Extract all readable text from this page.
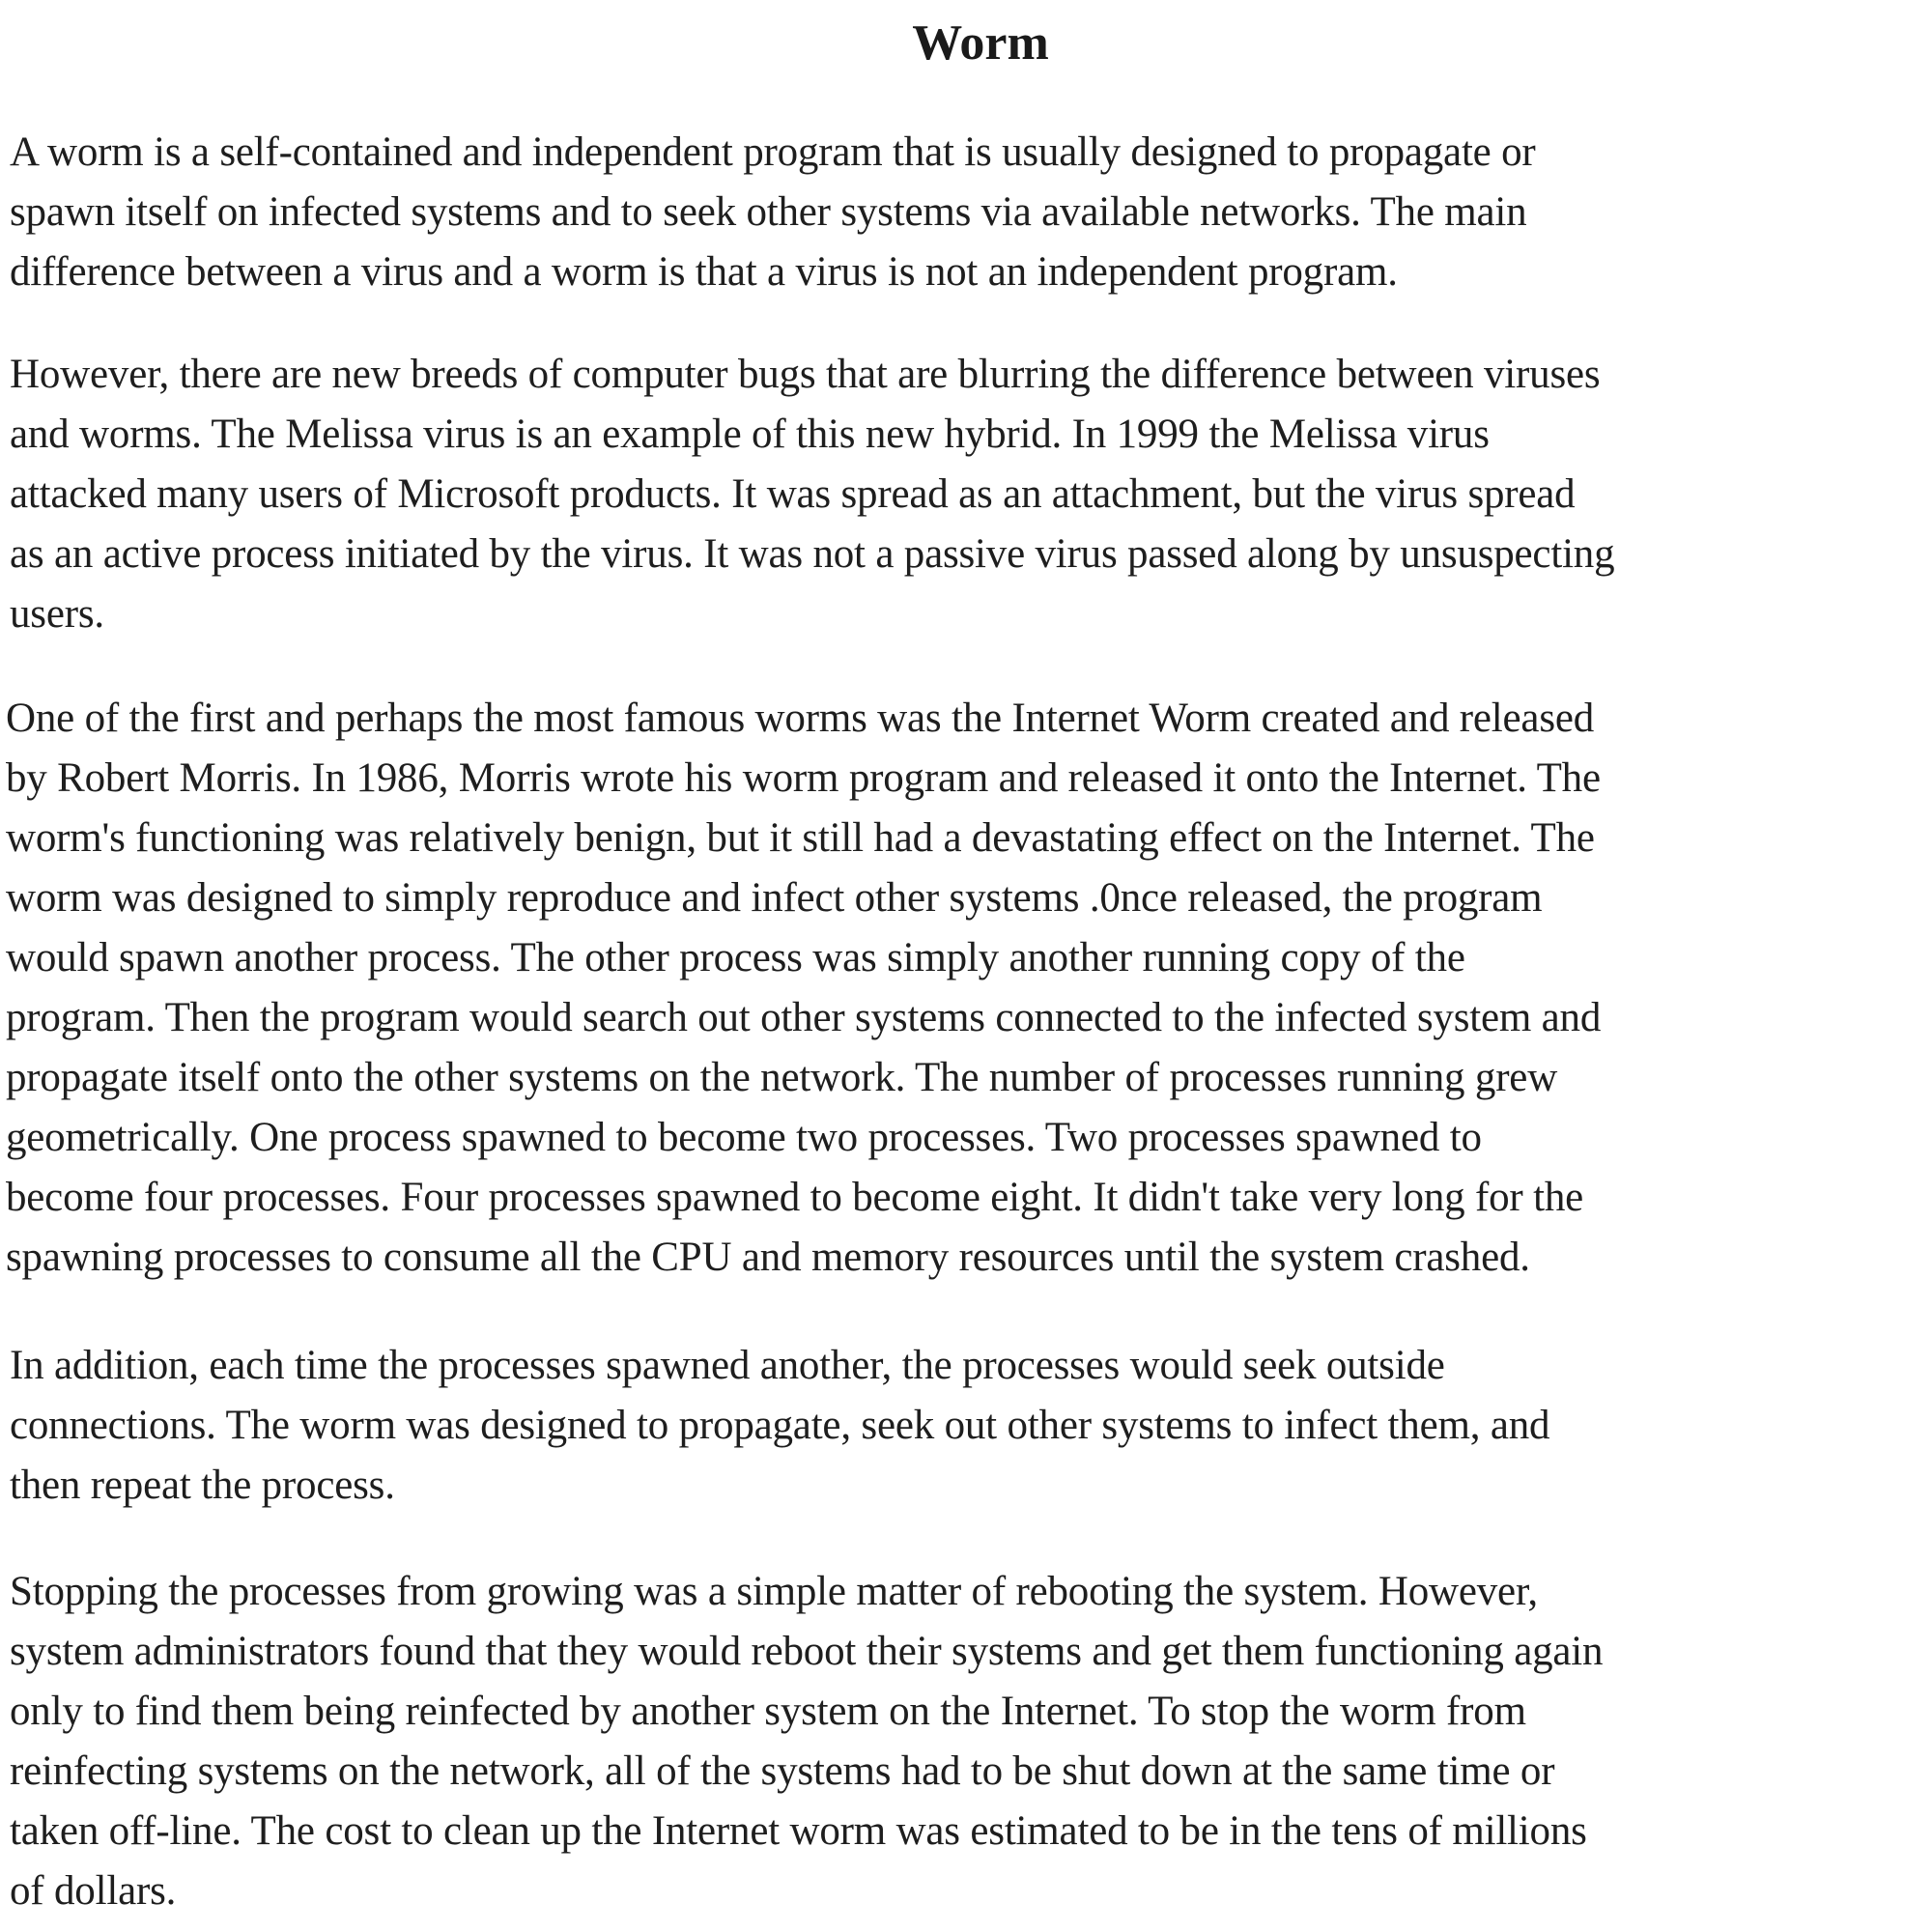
Worm
A worm is a self-contained and independent program that is usually designed to propagate or
spawn itself on infected systems and to seek other systems via available networks. The main
difference between a virus and a worm is that a virus is not an independent program.
However, there are new breeds of computer bugs that are blurring the difference between viruses
and worms. The Melissa virus is an example of this new hybrid. In 1999 the Melissa virus
attacked many users of Microsoft products. It was spread as an attachment, but the virus spread
as an active process initiated by the virus. It was not a passive virus passed along by unsuspecting
users.
One of the first and perhaps the most famous worms was the Internet Worm created and released
by Robert Morris. In 1986, Morris wrote his worm program and released it onto the Internet. The
worm's functioning was relatively benign, but it still had a devastating effect on the Internet. The
worm was designed to simply reproduce and infect other systems .0nce released, the program
would spawn another process. The other process was simply another running copy of the
program. Then the program would search out other systems connected to the infected system and
propagate itself onto the other systems on the network. The number of processes running grew
geometrically. One process spawned to become two processes. Two processes spawned to
become four processes. Four processes spawned to become eight. It didn't take very long for the
spawning processes to consume all the CPU and memory resources until the system crashed.
In addition, each time the processes spawned another, the processes would seek outside
connections. The worm was designed to propagate, seek out other systems to infect them, and
then repeat the process.
Stopping the processes from growing was a simple matter of rebooting the system. However,
system administrators found that they would reboot their systems and get them functioning again
only to find them being reinfected by another system on the Internet. To stop the worm from
reinfecting systems on the network, all of the systems had to be shut down at the same time or
taken off-line. The cost to clean up the Internet worm was estimated to be in the tens of millions
of dollars.
